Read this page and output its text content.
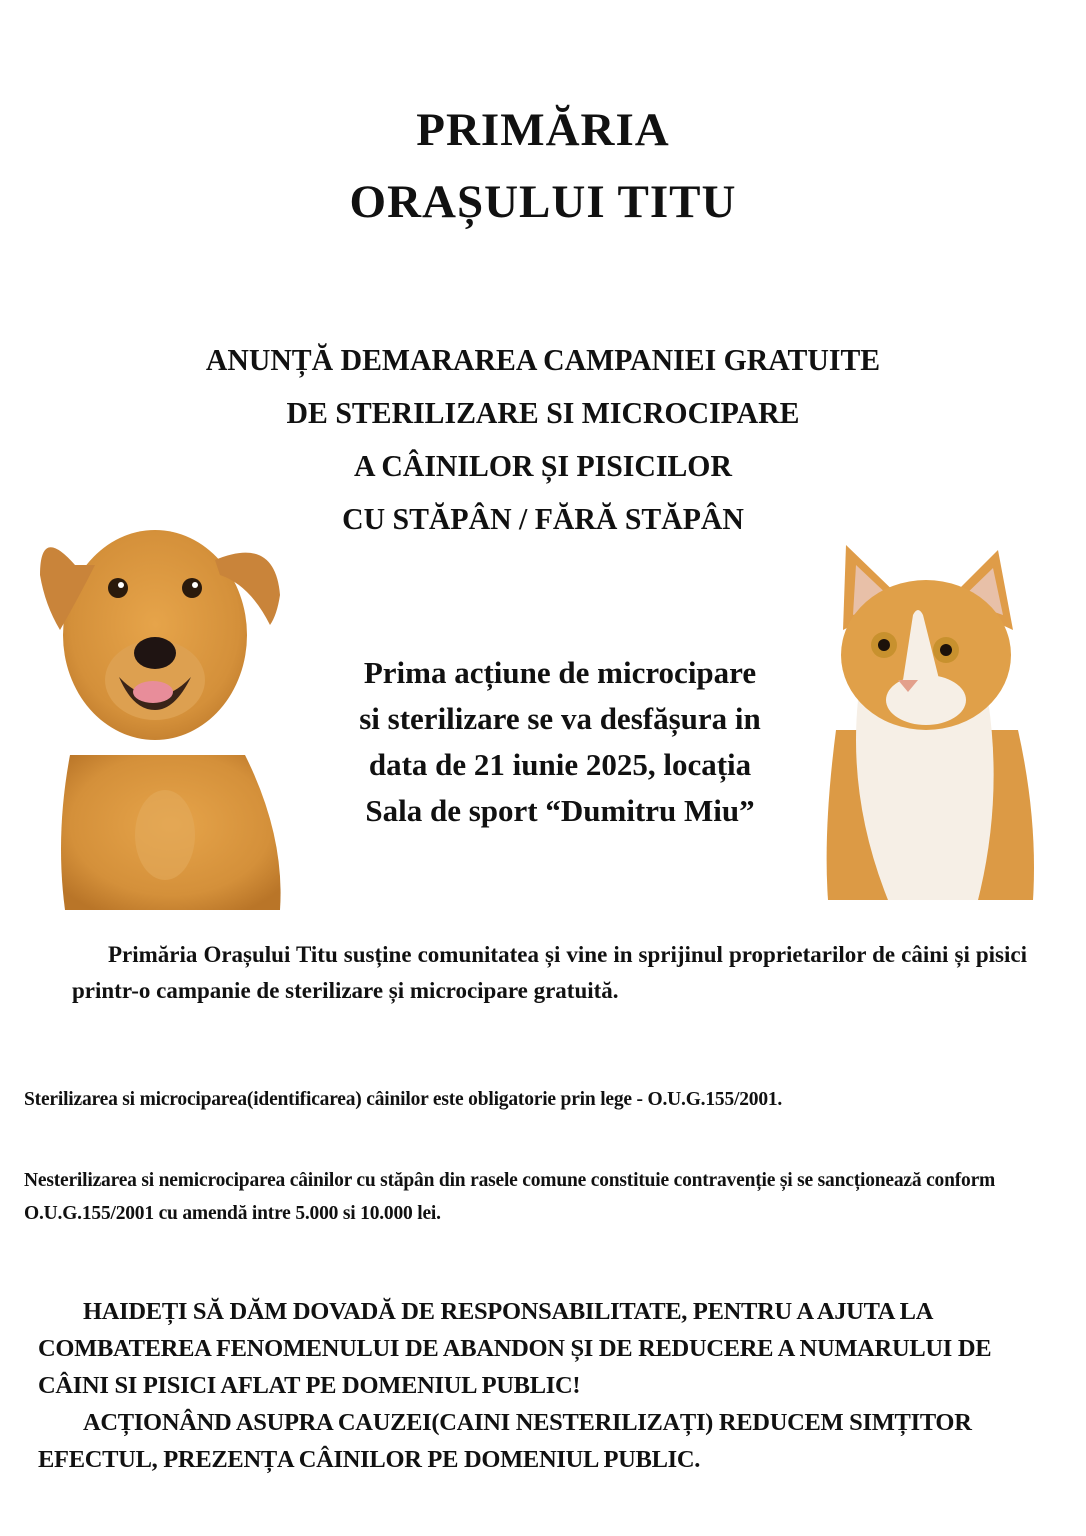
PRIMĂRIA
ORAȘULUI TITU
ANUNȚĂ DEMARAREA CAMPANIEI GRATUITE
DE STERILIZARE SI MICROCIPARE
A CÂINILOR ȘI PISICILOR
CU STĂPÂN / FĂRĂ STĂPÂN
Prima acțiune de microcipare
si sterilizare se va desfășura in
data de 21 iunie 2025, locația
Sala de sport “Dumitru Miu”
Primăria Orașului Titu susține comunitatea și vine in sprijinul proprietarilor de câini și pisici printr-o campanie de sterilizare și microcipare gratuită.
Sterilizarea si microciparea(identificarea) câinilor este obligatorie prin lege - O.U.G.155/2001.
Nesterilizarea si nemicrociparea câinilor cu stăpân din rasele comune constituie contravenție și se sancționează conform O.U.G.155/2001 cu amendă intre 5.000 si 10.000 lei.
HAIDEȚI SĂ DĂM DOVADĂ DE RESPONSABILITATE, PENTRU A AJUTA LA COMBATEREA FENOMENULUI DE ABANDON ȘI DE REDUCERE A NUMARULUI DE CÂINI SI PISICI AFLAT PE DOMENIUL PUBLIC!
ACȚIONÂND ASUPRA CAUZEI(CAINI NESTERILIZAȚI) REDUCEM SIMȚITOR EFECTUL, PREZENȚA CÂINILOR PE DOMENIUL PUBLIC.
